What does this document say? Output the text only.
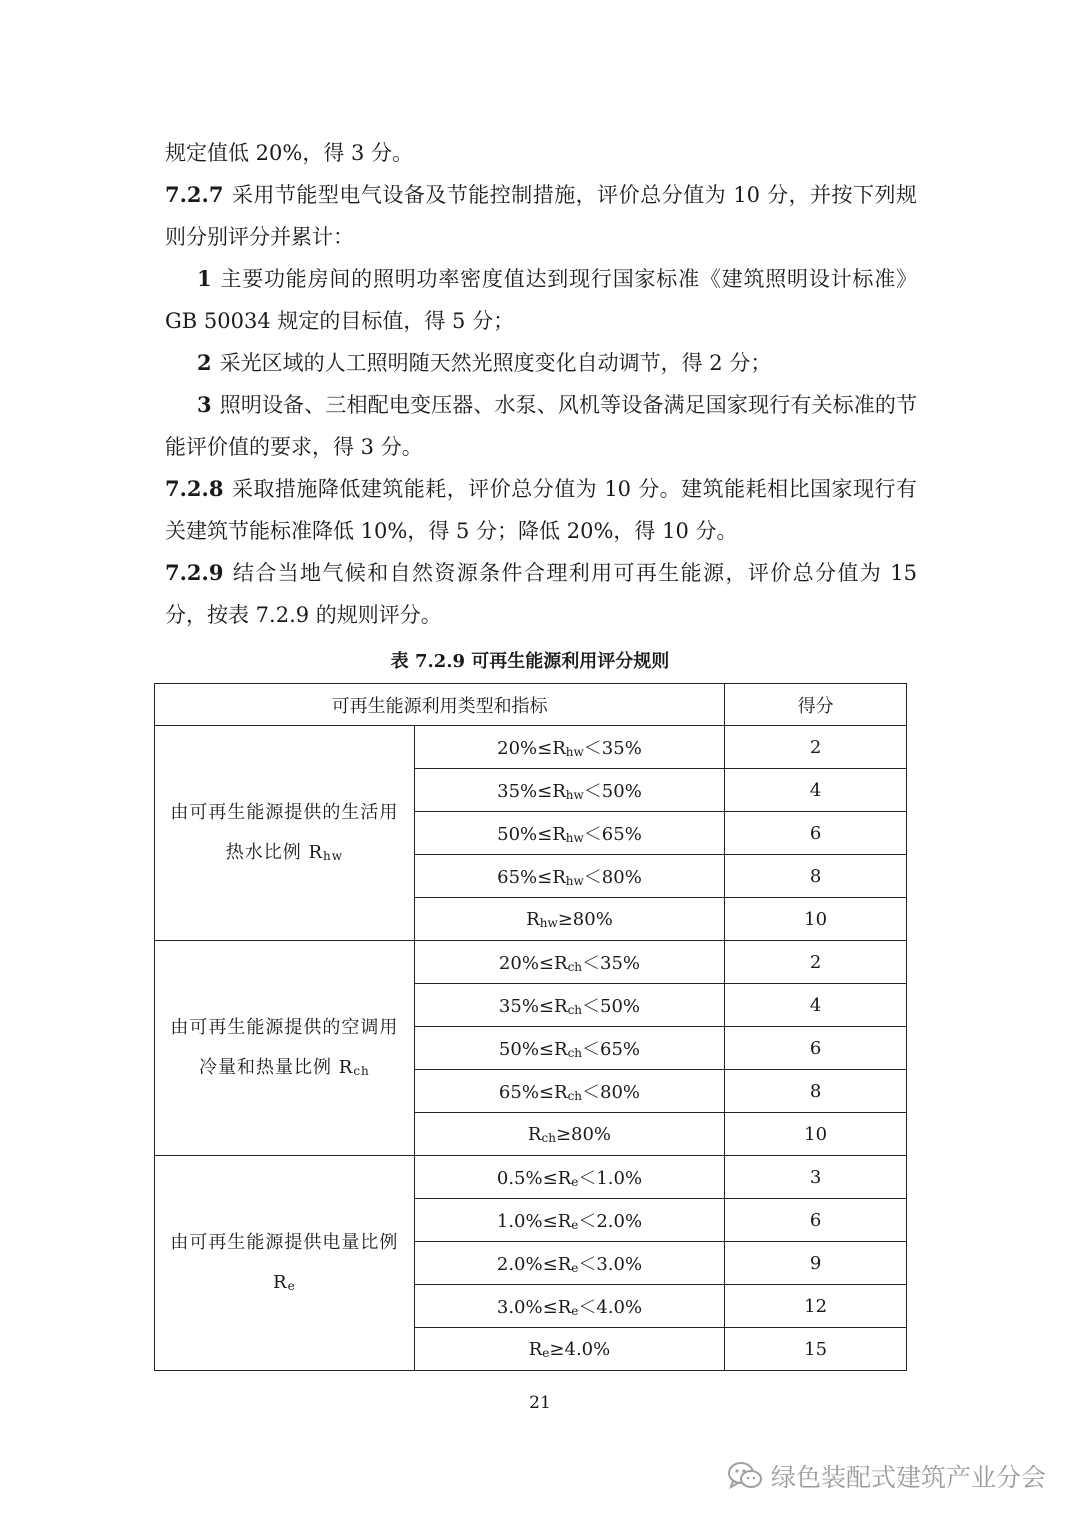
规定值低 20%，得 3 分。

7.2.7 采用节能型电气设备及节能控制措施，评价总分值为 10 分，并按下列规则分别评分并累计：

1 主要功能房间的照明功率密度值达到现行国家标准《建筑照明设计标准》GB 50034 规定的目标值，得 5 分；

2 采光区域的人工照明随天然光照度变化自动调节，得 2 分；

3 照明设备、三相配电变压器、水泵、风机等设备满足国家现行有关标准的节能评价值的要求，得 3 分。

7.2.8 采取措施降低建筑能耗，评价总分值为 10 分。建筑能耗相比国家现行有关建筑节能标准降低 10%，得 5 分；降低 20%，得 10 分。

7.2.9 结合当地气候和自然资源条件合理利用可再生能源，评价总分值为 15 分，按表 7.2.9 的规则评分。

表 7.2.9 可再生能源利用评分规则
可再生能源利用类型和指标		得分
由可再生能源提供的生活用热水比例 $R_{hw}$	$20\%\le R_{hw}<35\%$	2
	$35\%\le R_{hw}<50\%$	4
	$50\%\le R_{hw}<65\%$	6
	$65\%\le R_{hw}<80\%$	8
	$R_{hw}\ge 80\%$	10
由可再生能源提供的空调用冷量和热量比例 $R_{ch}$	$20\%\le R_{ch}<35\%$	2
	$35\%\le R_{ch}<50\%$	4
	$50\%\le R_{ch}<65\%$	6
	$65\%\le R_{ch}<80\%$	8
	$R_{ch}\ge 80\%$	10
由可再生能源提供电量比例 $R_e$	$0.5\%\le R_e<1.0\%$	3
	$1.0\%\le R_e<2.0\%$	6
	$2.0\%\le R_e<3.0\%$	9
	$3.0\%\le R_e<4.0\%$	12
	$R_e\ge 4.0\%$	15
21
绿色装配式建筑产业分会
